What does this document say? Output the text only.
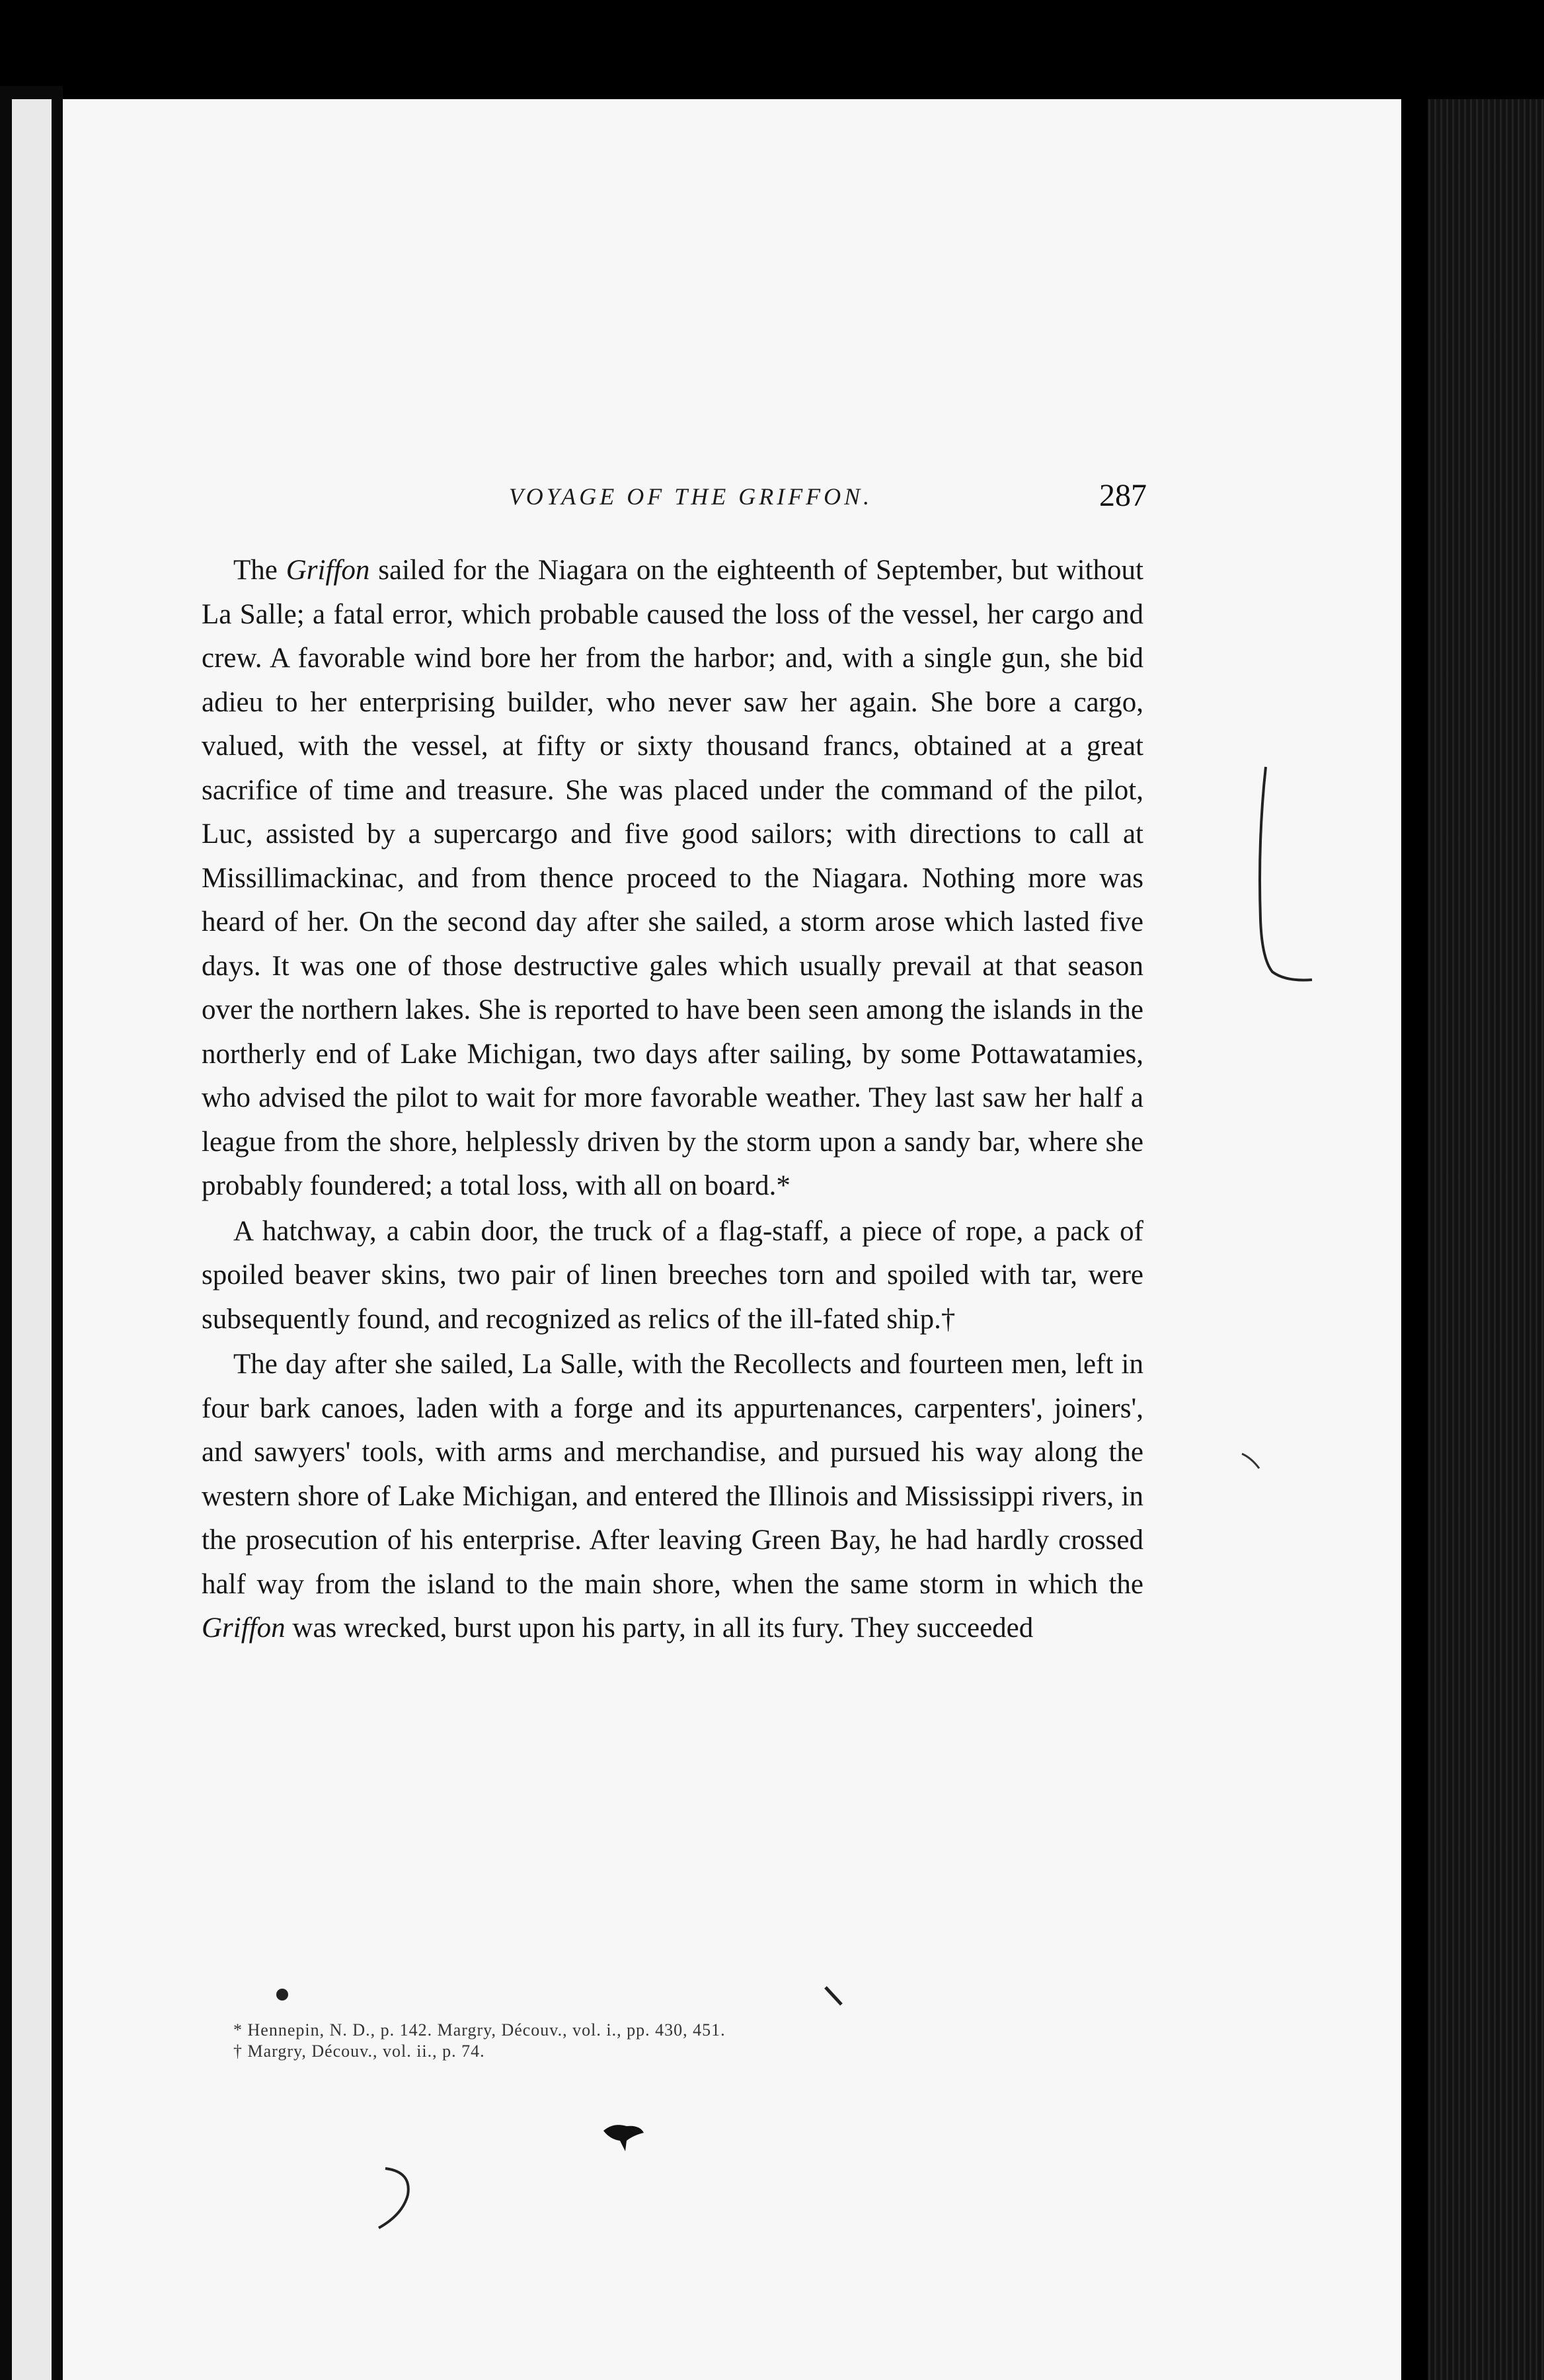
VOYAGE OF THE GRIFFON.	287

The Griffon sailed for the Niagara on the eighteenth of September, but without La Salle; a fatal error, which probable caused the loss of the vessel, her cargo and crew. A favorable wind bore her from the harbor; and, with a single gun, she bid adieu to her enterprising builder, who never saw her again. She bore a cargo, valued, with the vessel, at fifty or sixty thousand francs, obtained at a great sacrifice of time and treasure. She was placed under the command of the pilot, Luc, assisted by a supercargo and five good sailors; with directions to call at Missillimackinac, and from thence proceed to the Niagara. Nothing more was heard of her. On the second day after she sailed, a storm arose which lasted five days. It was one of those destructive gales which usually prevail at that season over the northern lakes. She is reported to have been seen among the islands in the northerly end of Lake Michigan, two days after sailing, by some Pottawatamies, who advised the pilot to wait for more favorable weather. They last saw her half a league from the shore, helplessly driven by the storm upon a sandy bar, where she probably foundered; a total loss, with all on board.*

A hatchway, a cabin door, the truck of a flag-staff, a piece of rope, a pack of spoiled beaver skins, two pair of linen breeches torn and spoiled with tar, were subsequently found, and recognized as relics of the ill-fated ship.†

The day after she sailed, La Salle, with the Recollects and fourteen men, left in four bark canoes, laden with a forge and its appurtenances, carpenters', joiners', and sawyers' tools, with arms and merchandise, and pursued his way along the western shore of Lake Michigan, and entered the Illinois and Mississippi rivers, in the prosecution of his enterprise. After leaving Green Bay, he had hardly crossed half way from the island to the main shore, when the same storm in which the Griffon was wrecked, burst upon his party, in all its fury. They succeeded

* Hennepin, N. D., p. 142. Margry, Découv., vol. i., pp. 430, 451.
† Margry, Découv., vol. ii., p. 74.
